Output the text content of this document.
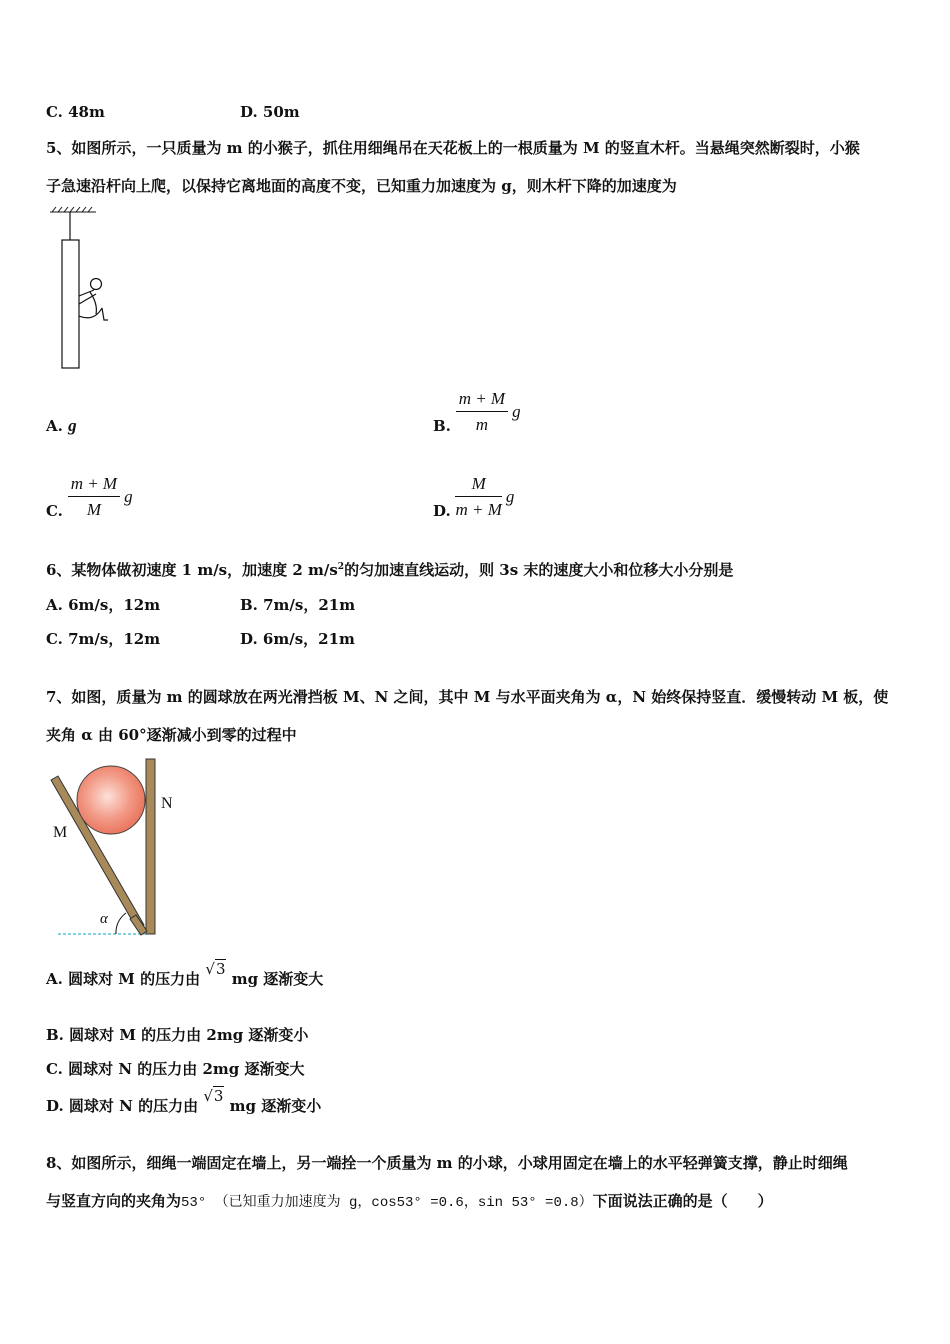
C. 48m	D. 50m
5、如图所示，一只质量为 m 的小猴子，抓住用细绳吊在天花板上的一根质量为 M 的竖直木杆。当悬绳突然断裂时，小猴
子急速沿杆向上爬，以保持它离地面的高度不变，已知重力加速度为 g，则木杆下降的加速度为
A. g	B. $\frac{m + M}{m}$ g
C. $\frac{m + M}{M}$ g
D. $\frac{M}{m + M}$ g
6、某物体做初速度 1 m/s，加速度 2 $m/s^2$的匀加速直线运动，则 3s 末的速度大小和位移大小分别是
A. 6m/s，12m	B. 7m/s，21m
C. 7m/s，12m	D. 6m/s，21m
7、如图，质量为 m 的圆球放在两光滑挡板 M、N 之间，其中 M 与水平面夹角为 α，N 始终保持竖直．缓慢转动 M 板，使
夹角 α 由 60°逐渐减小到零的过程中
M
N
α
A. 圆球对 M 的压力由 √3 mg 逐渐变大
B. 圆球对 M 的压力由 2mg 逐渐变小
C. 圆球对 N 的压力由 2mg 逐渐变大
D. 圆球对 N 的压力由 √3 mg 逐渐变小
8、如图所示，细绳一端固定在墙上，另一端拴一个质量为 m 的小球，小球用固定在墙上的水平轻弹簧支撑，静止时细绳
与竖直方向的夹角为53° （已知重力加速度为 g，cos53° =0.6，sin 53° =0.8）下面说法正确的是（　　）
